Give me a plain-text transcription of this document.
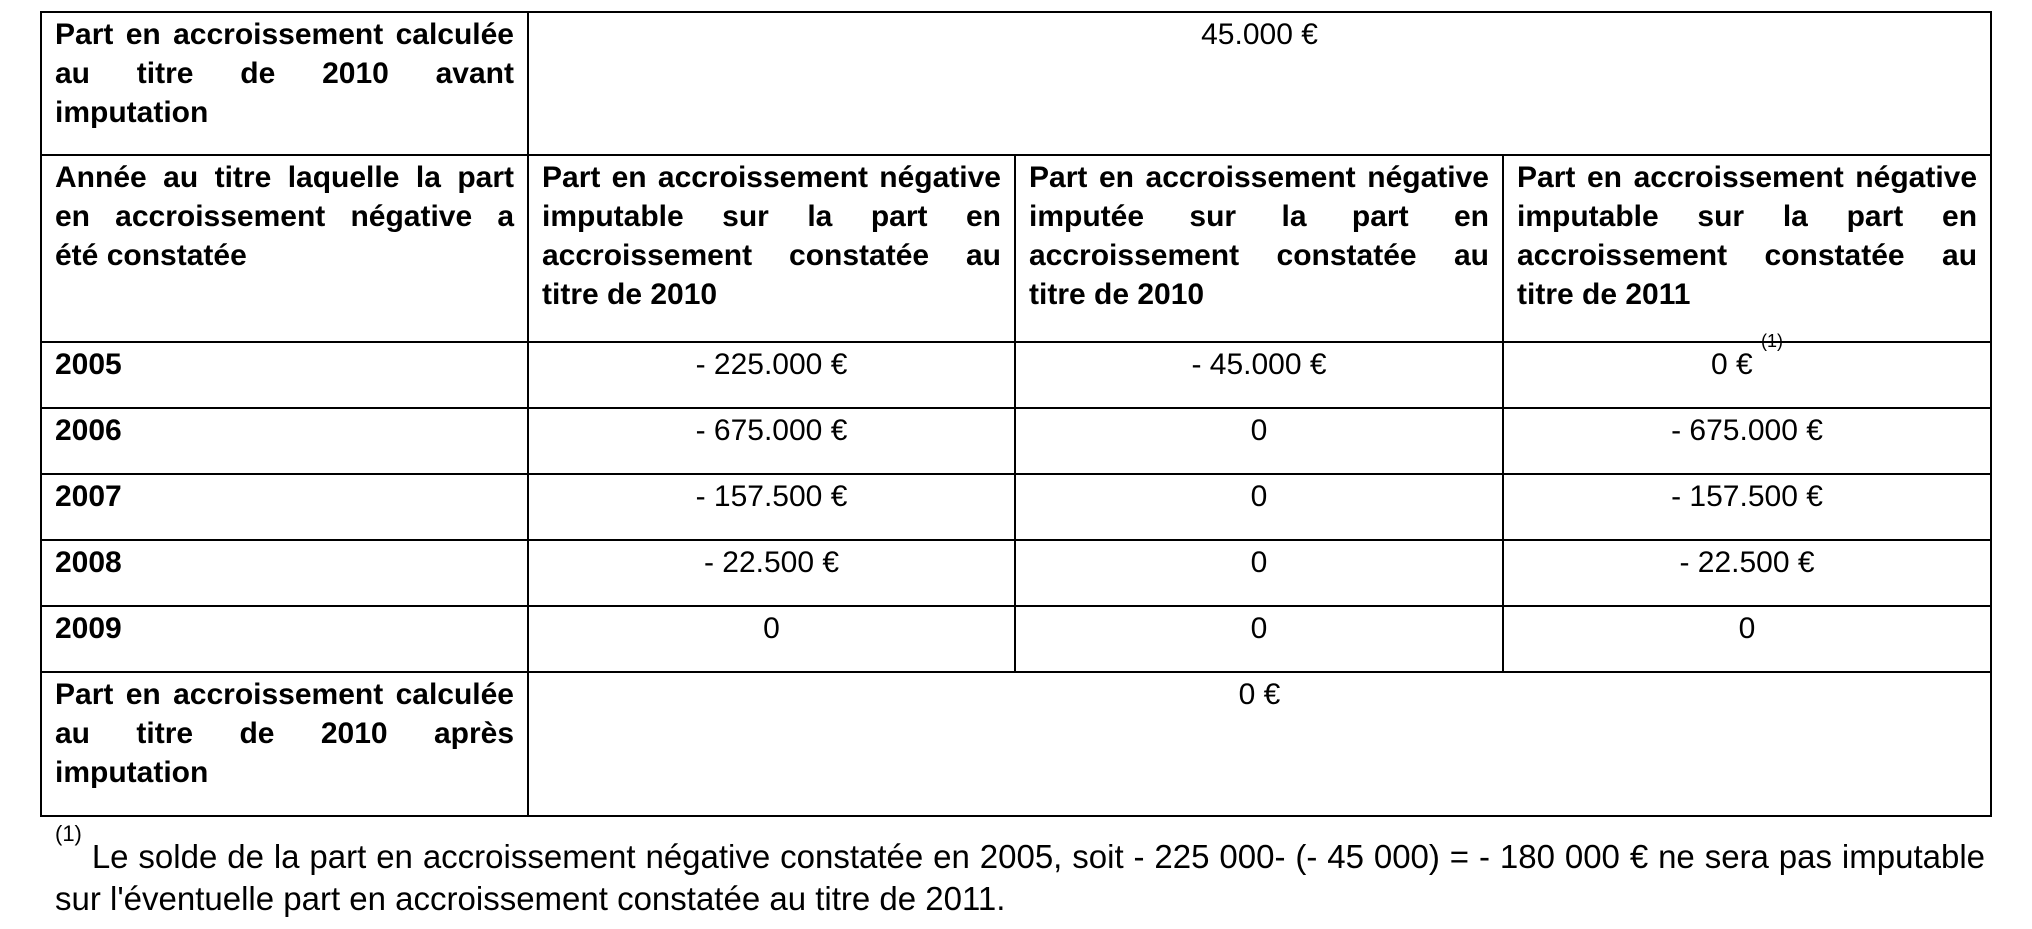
Part en accroissement calculée au titre de 2010 avant imputation	45.000 €		
Année au titre laquelle la part en accroissement négative a été constatée	Part en accroissement négative imputable sur la part en accroissement constatée au titre de 2010	Part en accroissement négative imputée sur la part en accroissement constatée au titre de 2010	Part en accroissement négative imputable sur la part en accroissement constatée au titre de 2011
2005	- 225.000 €	- 45.000 €	0 € $^{(1)}$
2006	- 675.000 €	0	- 675.000 €
2007	- 157.500 €	0	- 157.500 €
2008	- 22.500 €	0	- 22.500 €
2009	0	0	0
Part en accroissement calculée au titre de 2010 après imputation	0 €		
$^{(1)}$ Le solde de la part en accroissement négative constatée en 2005, soit - 225 000- (- 45 000) = - 180 000 € ne sera pas imputable sur l'éventuelle part en accroissement constatée au titre de 2011.
